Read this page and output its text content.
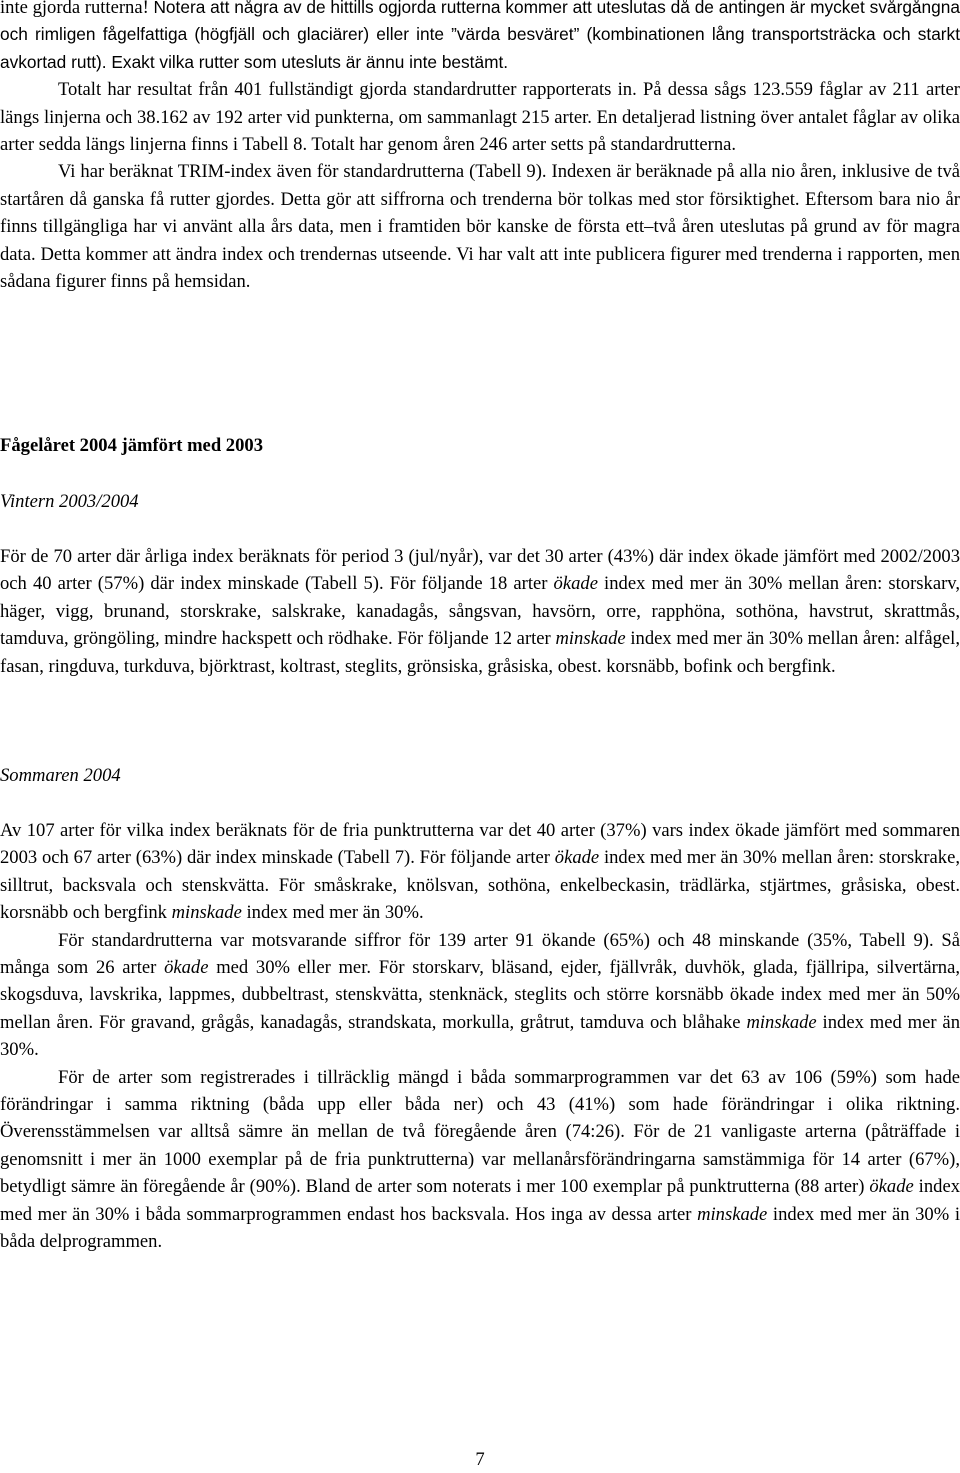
inte gjorda rutterna! Notera att några av de hittills ogjorda rutterna kommer att uteslutas då de antingen är mycket svårgångna och rimligen fågelfattiga (högfjäll och glaciärer) eller inte ”värda besväret” (kombinationen lång transportsträcka och starkt avkortad rutt). Exakt vilka rutter som utesluts är ännu inte bestämt.

Totalt har resultat från 401 fullständigt gjorda standardrutter rapporterats in. På dessa sågs 123.559 fåglar av 211 arter längs linjerna och 38.162 av 192 arter vid punkterna, om sammanlagt 215 arter. En detaljerad listning över antalet fåglar av olika arter sedda längs linjerna finns i Tabell 8. Totalt har genom åren 246 arter setts på standardrutterna.

Vi har beräknat TRIM-index även för standardrutterna (Tabell 9). Indexen är beräknade på alla nio åren, inklusive de två startåren då ganska få rutter gjordes. Detta gör att siffrorna och trenderna bör tolkas med stor försiktighet. Eftersom bara nio år finns tillgängliga har vi använt alla års data, men i framtiden bör kanske de första ett–två åren uteslutas på grund av för magra data. Detta kommer att ändra index och trendernas utseende. Vi har valt att inte publicera figurer med trenderna i rapporten, men sådana figurer finns på hemsidan.

Fågelåret 2004 jämfört med 2003
Vintern 2003/2004

För de 70 arter där årliga index beräknats för period 3 (jul/nyår), var det 30 arter (43%) där index ökade jämfört med 2002/2003 och 40 arter (57%) där index minskade (Tabell 5). För följande 18 arter ökade index med mer än 30% mellan åren: storskarv, häger, vigg, brunand, storskrake, salskrake, kanadagås, sångsvan, havsörn, orre, rapphöna, sothöna, havstrut, skrattmås, tamduva, gröngöling, mindre hackspett och rödhake. För följande 12 arter minskade index med mer än 30% mellan åren: alfågel, fasan, ringduva, turkduva, björktrast, koltrast, steglits, grönsiska, gråsiska, obest. korsnäbb, bofink och bergfink.

Sommaren 2004

Av 107 arter för vilka index beräknats för de fria punktrutterna var det 40 arter (37%) vars index ökade jämfört med sommaren 2003 och 67 arter (63%) där index minskade (Tabell 7). För följande arter ökade index med mer än 30% mellan åren: storskrake, silltrut, backsvala och stenskvätta. För småskrake, knölsvan, sothöna, enkelbeckasin, trädlärka, stjärtmes, gråsiska, obest. korsnäbb och bergfink minskade index med mer än 30%.

För standardrutterna var motsvarande siffror för 139 arter 91 ökande (65%) och 48 minskande (35%, Tabell 9). Så många som 26 arter ökade med 30% eller mer. För storskarv, bläsand, ejder, fjällvråk, duvhök, glada, fjällripa, silvertärna, skogsduva, lavskrika, lappmes, dubbeltrast, stenskvätta, stenknäck, steglits och större korsnäbb ökade index med mer än 50% mellan åren. För gravand, grågås, kanadagås, strandskata, morkulla, gråtrut, tamduva och blåhake minskade index med mer än 30%.

För de arter som registrerades i tillräcklig mängd i båda sommarprogrammen var det 63 av 106 (59%) som hade förändringar i samma riktning (båda upp eller båda ner) och 43 (41%) som hade förändringar i olika riktning. Överensstämmelsen var alltså sämre än mellan de två föregående åren (74:26). För de 21 vanligaste arterna (påträffade i genomsnitt i mer än 1000 exemplar på de fria punktrutterna) var mellanårsförändringarna samstämmiga för 14 arter (67%), betydligt sämre än föregående år (90%). Bland de arter som noterats i mer 100 exemplar på punktrutterna (88 arter) ökade index med mer än 30% i båda sommarprogrammen endast hos backsvala. Hos inga av dessa arter minskade index med mer än 30% i båda delprogrammen.

7
